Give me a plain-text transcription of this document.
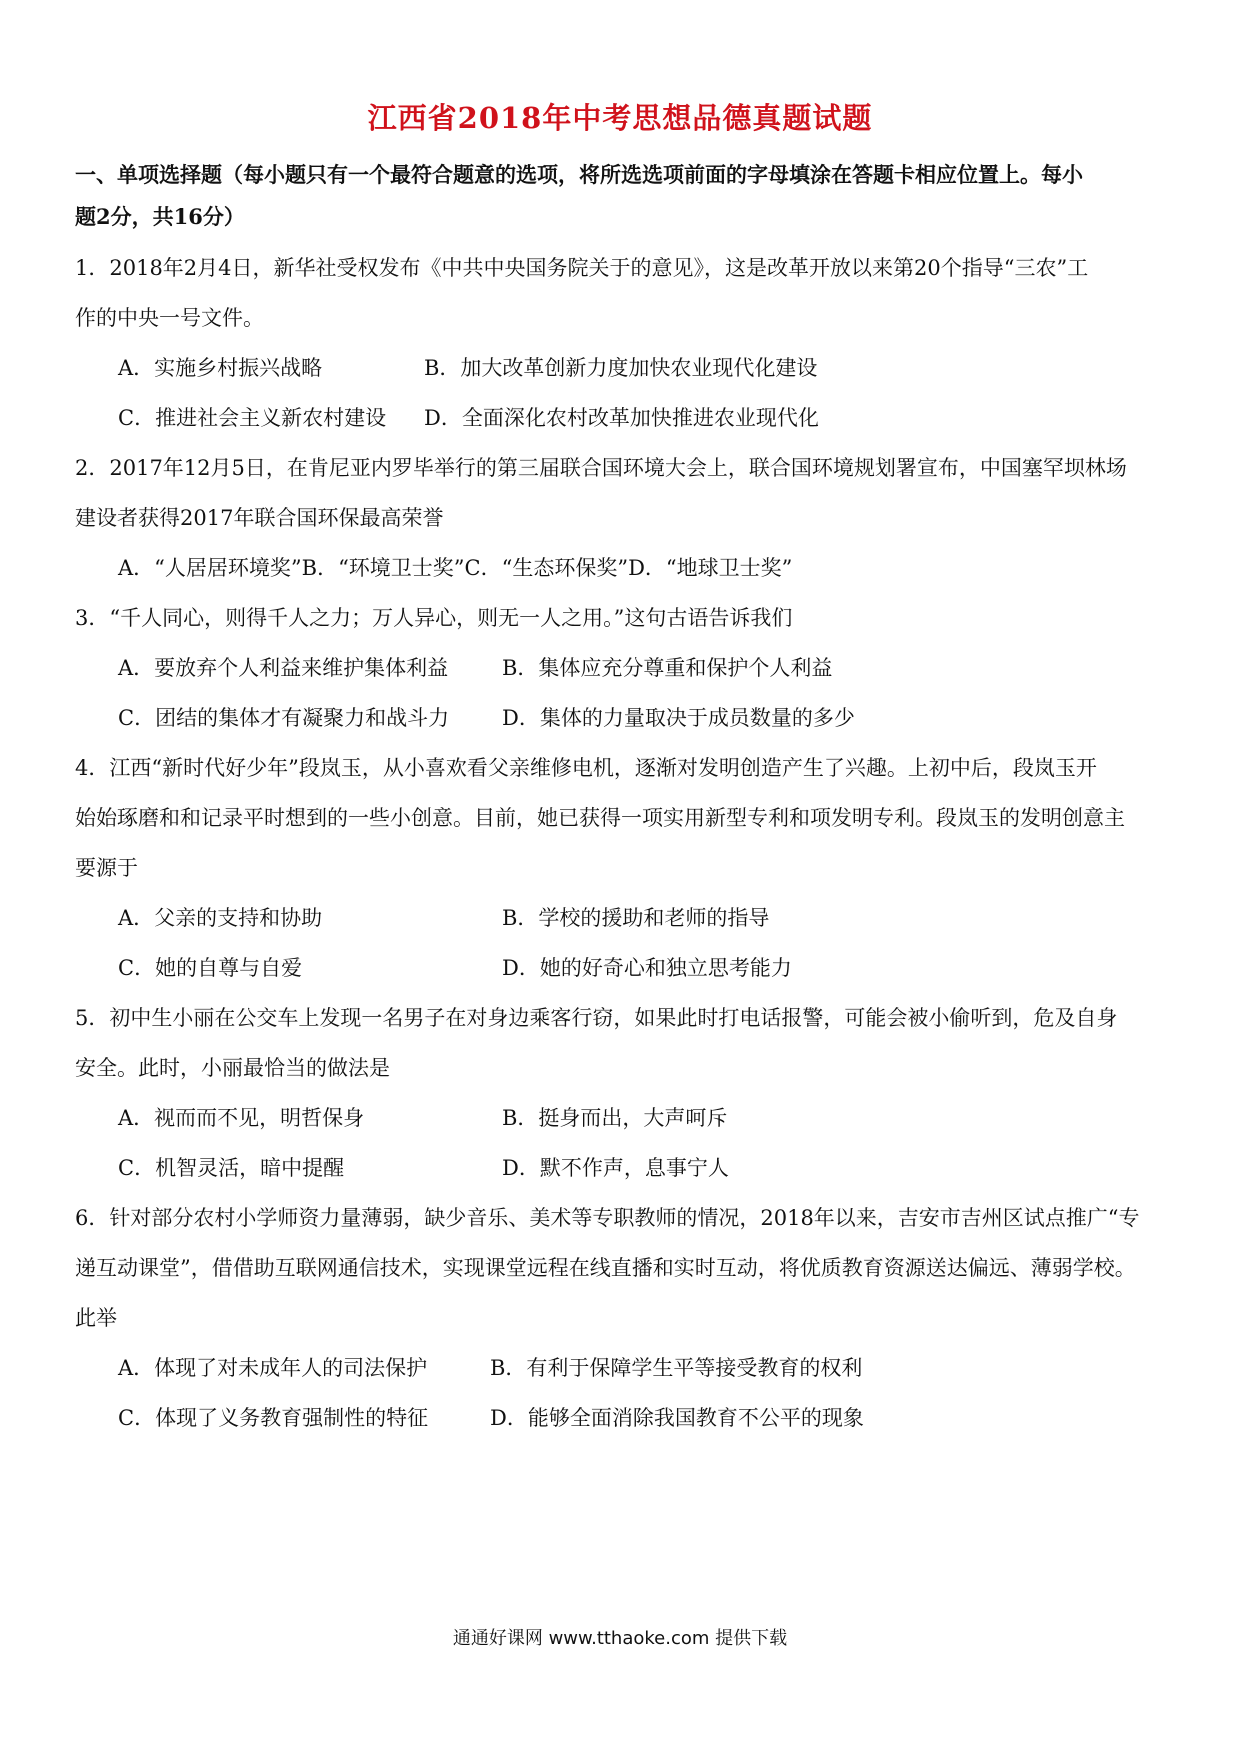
江西省2018年中考思想品德真题试题
一、单项选择题（每小题只有一个最符合题意的选项，将所选选项前面的字母填涂在答题卡相应位置上。每小
题2分，共16分）
1．2018年2月4日，新华社受权发布《中共中央国务院关于的意见》，这是改革开放以来第20个指导“三农”工
作的中央一号文件。
A．实施乡村振兴战略	B．加大改革创新力度加快农业现代化建设
C．推进社会主义新农村建设 D．全面深化农村改革加快推进农业现代化
2．2017年12月5日，在肯尼亚内罗毕举行的第三届联合国环境大会上，联合国环境规划署宣布，中国塞罕坝林场
建设者获得2017年联合国环保最高荣誉
A．“人居居环境奖”B．“环境卫士奖”C．“生态环保奖”D．“地球卫士奖”
3．“千人同心，则得千人之力；万人异心，则无一人之用。”这句古语告诉我们
A．要放弃个人利益来维护集体利益	B．集体应充分尊重和保护个人利益
C．团结的集体才有凝聚力和战斗力	D．集体的力量取决于成员数量的多少
4．江西“新时代好少年”段岚玉，从小喜欢看父亲维修电机，逐渐对发明创造产生了兴趣。上初中后，段岚玉开
始始琢磨和和记录平时想到的一些小创意。目前，她已获得一项实用新型专利和项发明专利。段岚玉的发明创意主
要源于
A．父亲的支持和协助	B．学校的援助和老师的指导
C．她的自尊与自爱	D．她的好奇心和独立思考能力
5．初中生小丽在公交车上发现一名男子在对身边乘客行窃，如果此时打电话报警，可能会被小偷听到，危及自身
安全。此时，小丽最恰当的做法是
A．视而而不见，明哲保身	B．挺身而出，大声呵斥
C．机智灵活，暗中提醒	D．默不作声，息事宁人
6．针对部分农村小学师资力量薄弱，缺少音乐、美术等专职教师的情况，2018年以来，吉安市吉州区试点推广“专
递互动课堂”，借借助互联网通信技术，实现课堂远程在线直播和实时互动，将优质教育资源送达偏远、薄弱学校。
此举
A．体现了对未成年人的司法保护	B．有利于保障学生平等接受教育的权利
C．体现了义务教育强制性的特征	D．能够全面消除我国教育不公平的现象
通通好课网 www.tthaoke.com 提供下载
